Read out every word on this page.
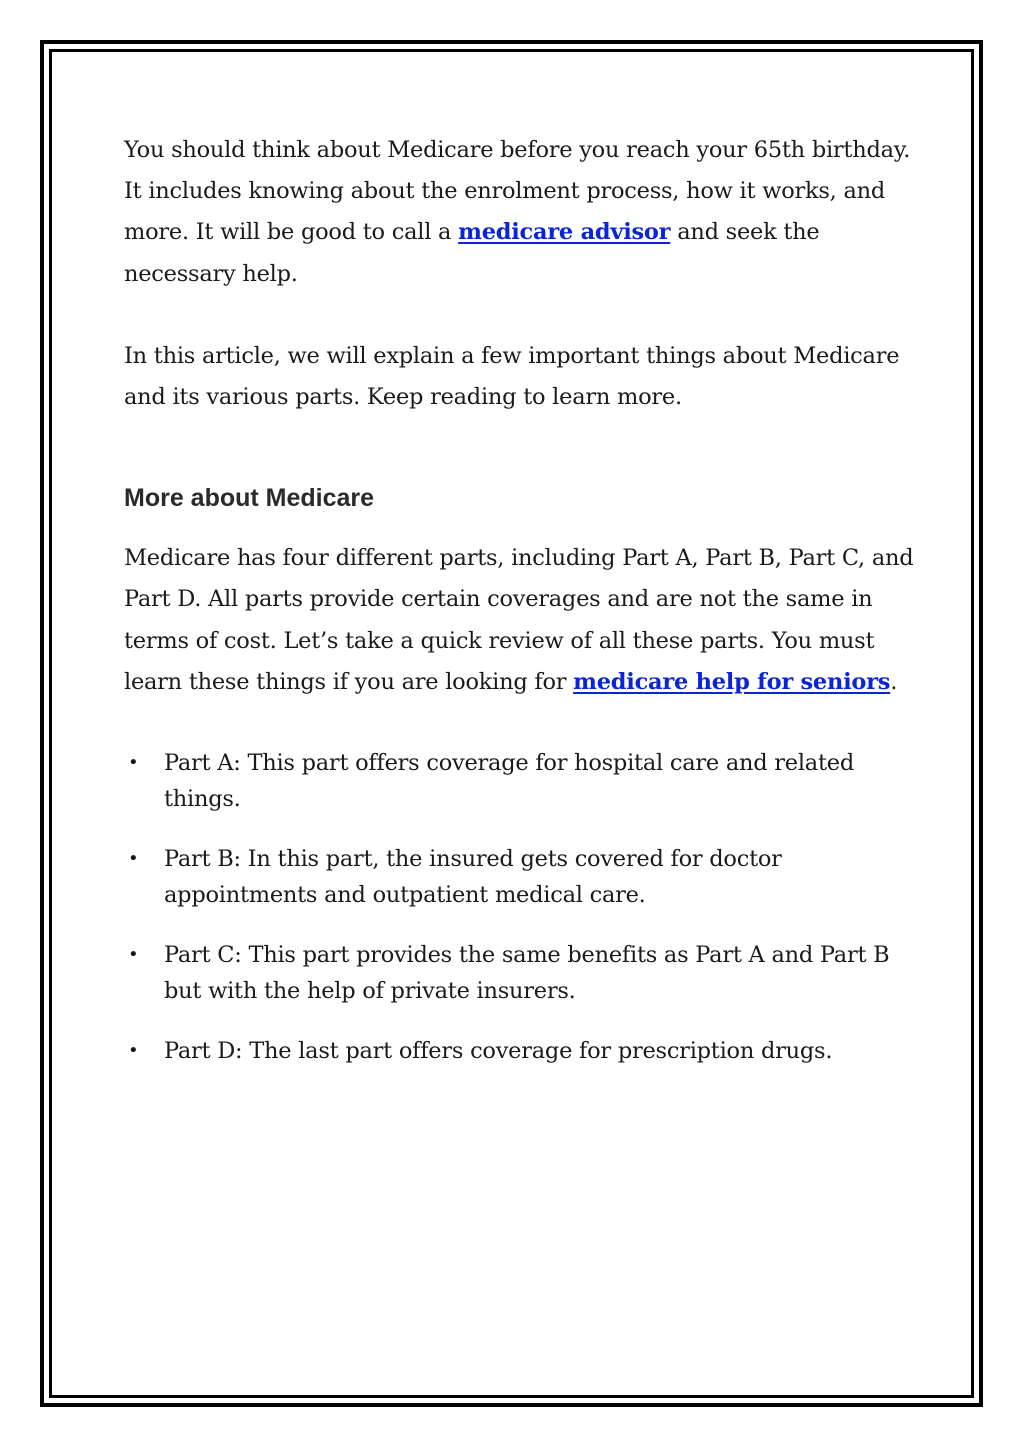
You should think about Medicare before you reach your 65th birthday. It includes knowing about the enrolment process, how it works, and more. It will be good to call a medicare advisor and seek the necessary help.

In this article, we will explain a few important things about Medicare and its various parts. Keep reading to learn more.

More about Medicare

Medicare has four different parts, including Part A, Part B, Part C, and Part D. All parts provide certain coverages and are not the same in terms of cost. Let’s take a quick review of all these parts. You must learn these things if you are looking for medicare help for seniors.

• Part A: This part offers coverage for hospital care and related things.
• Part B: In this part, the insured gets covered for doctor appointments and outpatient medical care.
• Part C: This part provides the same benefits as Part A and Part B but with the help of private insurers.
• Part D: The last part offers coverage for prescription drugs.
